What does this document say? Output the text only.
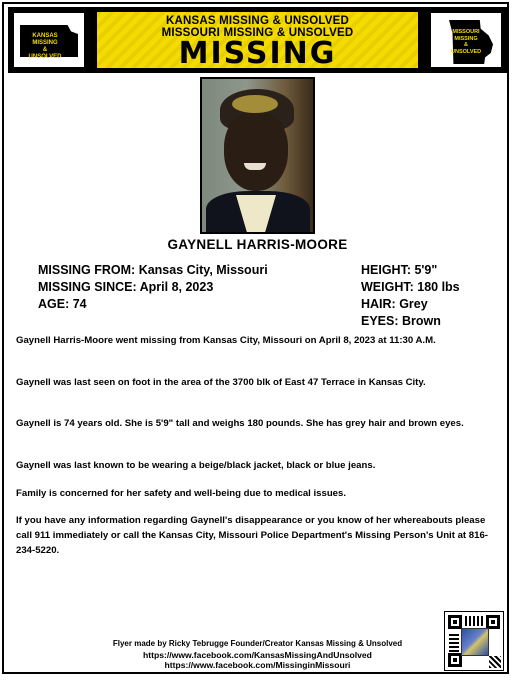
KANSAS
MISSING
&
UNSOLVED
KANSAS MISSING & UNSOLVED
MISSOURI MISSING & UNSOLVED
MISSING
MISSOURI
MISSING
&
UNSOLVED
GAYNELL HARRIS-MOORE
MISSING FROM: Kansas City, Missouri
MISSING SINCE: April 8, 2023
AGE: 74
HEIGHT: 5'9"
WEIGHT: 180 lbs
HAIR: Grey
EYES: Brown
Gaynell Harris-Moore went missing from Kansas City, Missouri on April 8, 2023 at 11:30 A.M.
Gaynell was last seen on foot in the area of the 3700 blk of East 47 Terrace in Kansas City.
Gaynell is 74 years old. She is 5'9" tall and weighs 180 pounds. She has grey hair and brown eyes.
Gaynell was last known to be wearing a beige/black jacket, black or blue jeans.
Family is concerned for her safety and well-being due to medical issues.
If you have any information regarding Gaynell's disappearance or you know of her whereabouts please call 911 immediately or call the Kansas City, Missouri Police Department's Missing Person's Unit at 816-234-5220.
Flyer made by Ricky Tebrugge Founder/Creator Kansas Missing & Unsolved
https://www.facebook.com/KansasMissingAndUnsolved
https://www.facebook.com/MissinginMissouri
